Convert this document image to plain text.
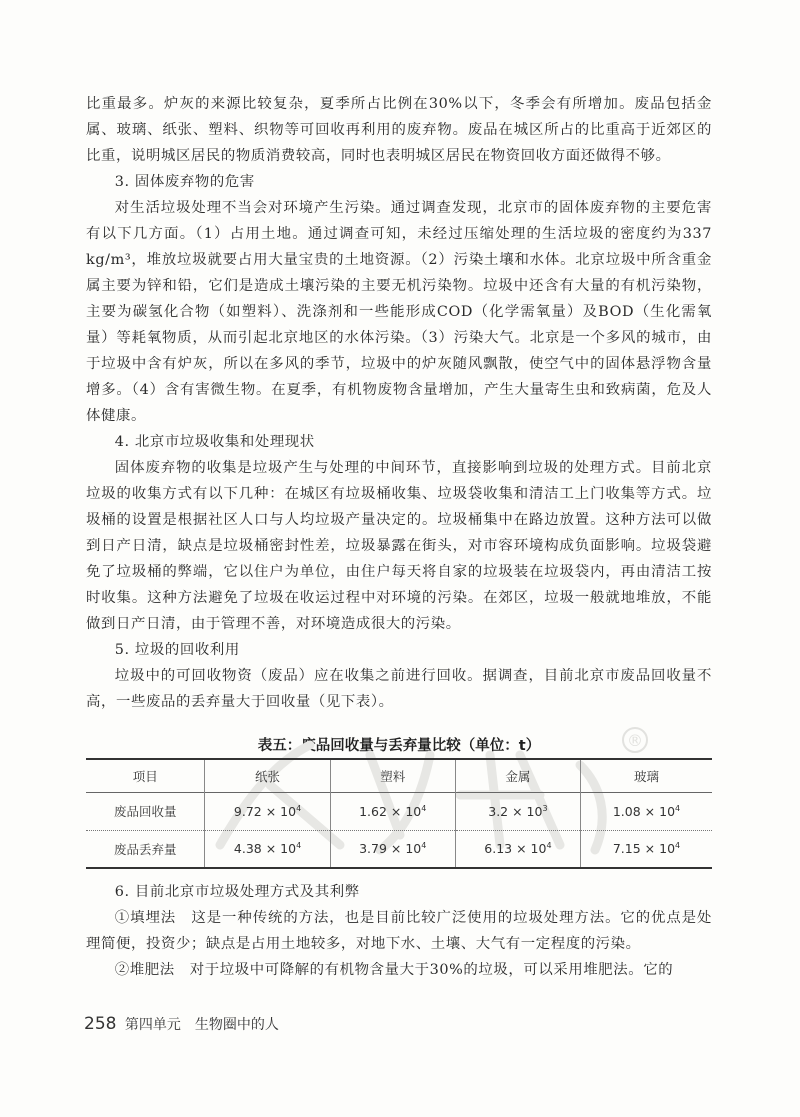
比重最多。炉灰的来源比较复杂，夏季所占比例在30%以下，冬季会有所增加。废品包括金属、玻璃、纸张、塑料、织物等可回收再利用的废弃物。废品在城区所占的比重高于近郊区的比重，说明城区居民的物质消费较高，同时也表明城区居民在物资回收方面还做得不够。

3. 固体废弃物的危害

对生活垃圾处理不当会对环境产生污染。通过调查发现，北京市的固体废弃物的主要危害有以下几方面。（1）占用土地。通过调查可知，未经过压缩处理的生活垃圾的密度约为337 kg/m³，堆放垃圾就要占用大量宝贵的土地资源。（2）污染土壤和水体。北京垃圾中所含重金属主要为锌和铅，它们是造成土壤污染的主要无机污染物。垃圾中还含有大量的有机污染物，主要为碳氢化合物（如塑料）、洗涤剂和一些能形成COD（化学需氧量）及BOD（生化需氧量）等耗氧物质，从而引起北京地区的水体污染。（3）污染大气。北京是一个多风的城市，由于垃圾中含有炉灰，所以在多风的季节，垃圾中的炉灰随风飘散，使空气中的固体悬浮物含量增多。（4）含有害微生物。在夏季，有机物废物含量增加，产生大量寄生虫和致病菌，危及人体健康。

4. 北京市垃圾收集和处理现状

固体废弃物的收集是垃圾产生与处理的中间环节，直接影响到垃圾的处理方式。目前北京垃圾的收集方式有以下几种：在城区有垃圾桶收集、垃圾袋收集和清洁工上门收集等方式。垃圾桶的设置是根据社区人口与人均垃圾产量决定的。垃圾桶集中在路边放置。这种方法可以做到日产日清，缺点是垃圾桶密封性差，垃圾暴露在街头，对市容环境构成负面影响。垃圾袋避免了垃圾桶的弊端，它以住户为单位，由住户每天将自家的垃圾装在垃圾袋内，再由清洁工按时收集。这种方法避免了垃圾在收运过程中对环境的污染。在郊区，垃圾一般就地堆放，不能做到日产日清，由于管理不善，对环境造成很大的污染。

5. 垃圾的回收利用

垃圾中的可回收物资（废品）应在收集之前进行回收。据调查，目前北京市废品回收量不高，一些废品的丢弃量大于回收量（见下表）。

表五：废品回收量与丢弃量比较（单位：t）	®
项目	纸张	塑料	金属	玻璃
废品回收量	$9.72 \times 10^4$	$1.62 \times 10^4$	$3.2 \times 10^3$	$1.08 \times 10^4$
废品丢弃量	$4.38 \times 10^4$	$3.79 \times 10^4$	$6.13 \times 10^4$	$7.15 \times 10^4$

6. 目前北京市垃圾处理方式及其利弊

①填埋法　这是一种传统的方法，也是目前比较广泛使用的垃圾处理方法。它的优点是处理简便，投资少；缺点是占用土地较多，对地下水、土壤、大气有一定程度的污染。

②堆肥法　对于垃圾中可降解的有机物含量大于30%的垃圾，可以采用堆肥法。它的

258 第四单元　生物圈中的人
